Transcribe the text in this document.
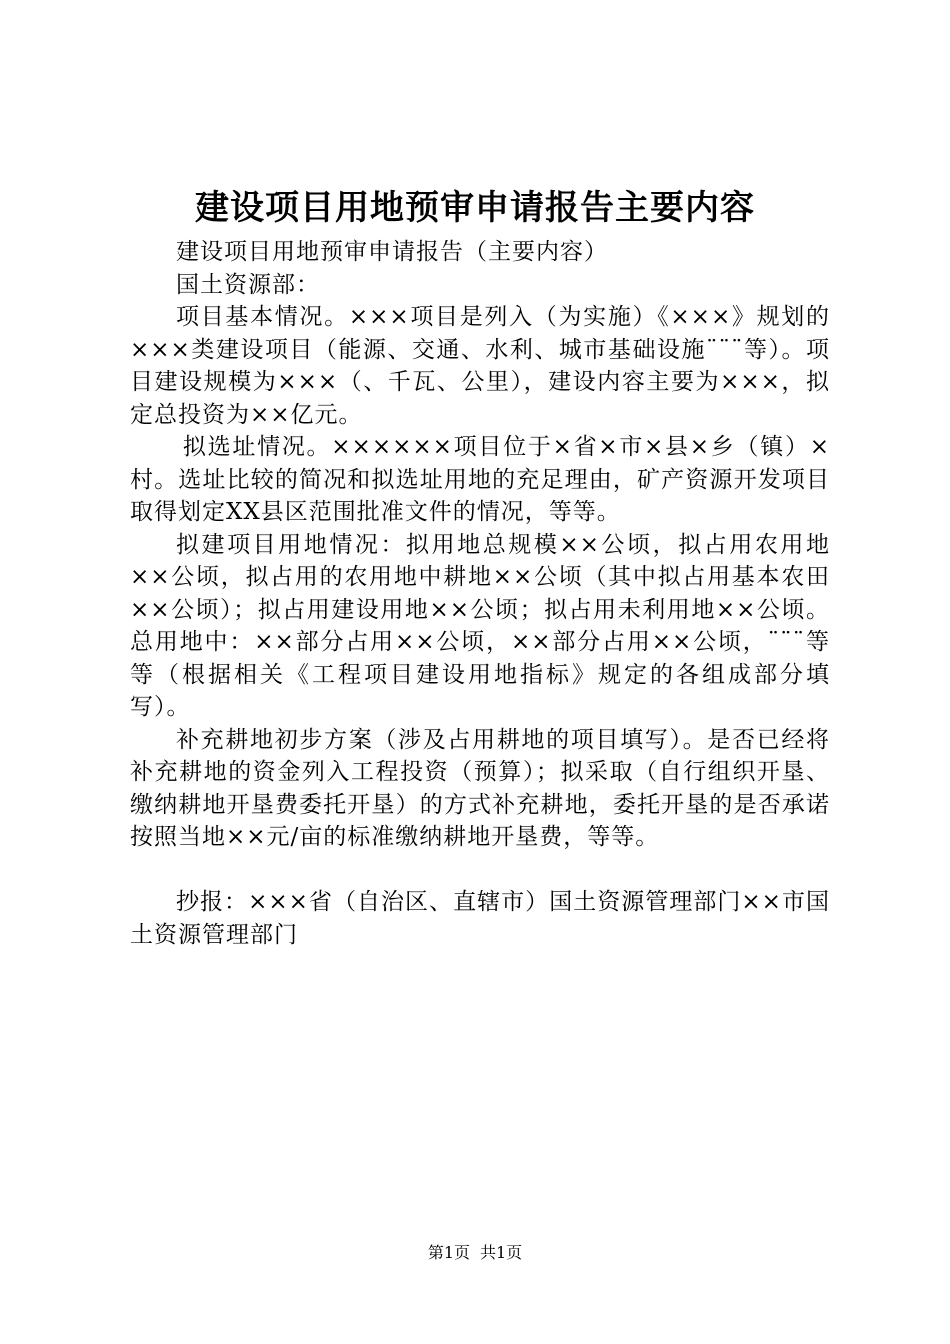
建设项目用地预审申请报告主要内容

建设项目用地预审申请报告（主要内容）

国土资源部：

项目基本情况。×××项目是列入（为实施）《×××》规划的×××类建设项目（能源、交通、水利、城市基础设施¨¨¨等）。项目建设规模为×××（、千瓦、公里），建设内容主要为×××，拟定总投资为××亿元。

拟选址情况。××××××项目位于×省×市×县×乡（镇）×村。选址比较的简况和拟选址用地的充足理由，矿产资源开发项目取得划定XX县区范围批准文件的情况，等等。

拟建项目用地情况：拟用地总规模××公顷，拟占用农用地××公顷，拟占用的农用地中耕地××公顷（其中拟占用基本农田××公顷）；拟占用建设用地××公顷；拟占用未利用地××公顷。总用地中：××部分占用××公顷，××部分占用××公顷，¨¨¨等等（根据相关《工程项目建设用地指标》规定的各组成部分填写）。

补充耕地初步方案（涉及占用耕地的项目填写）。是否已经将补充耕地的资金列入工程投资（预算）；拟采取（自行组织开垦、缴纳耕地开垦费委托开垦）的方式补充耕地，委托开垦的是否承诺按照当地××元/亩的标准缴纳耕地开垦费，等等。

抄报：×××省（自治区、直辖市）国土资源管理部门××市国土资源管理部门

第1页 共1页
